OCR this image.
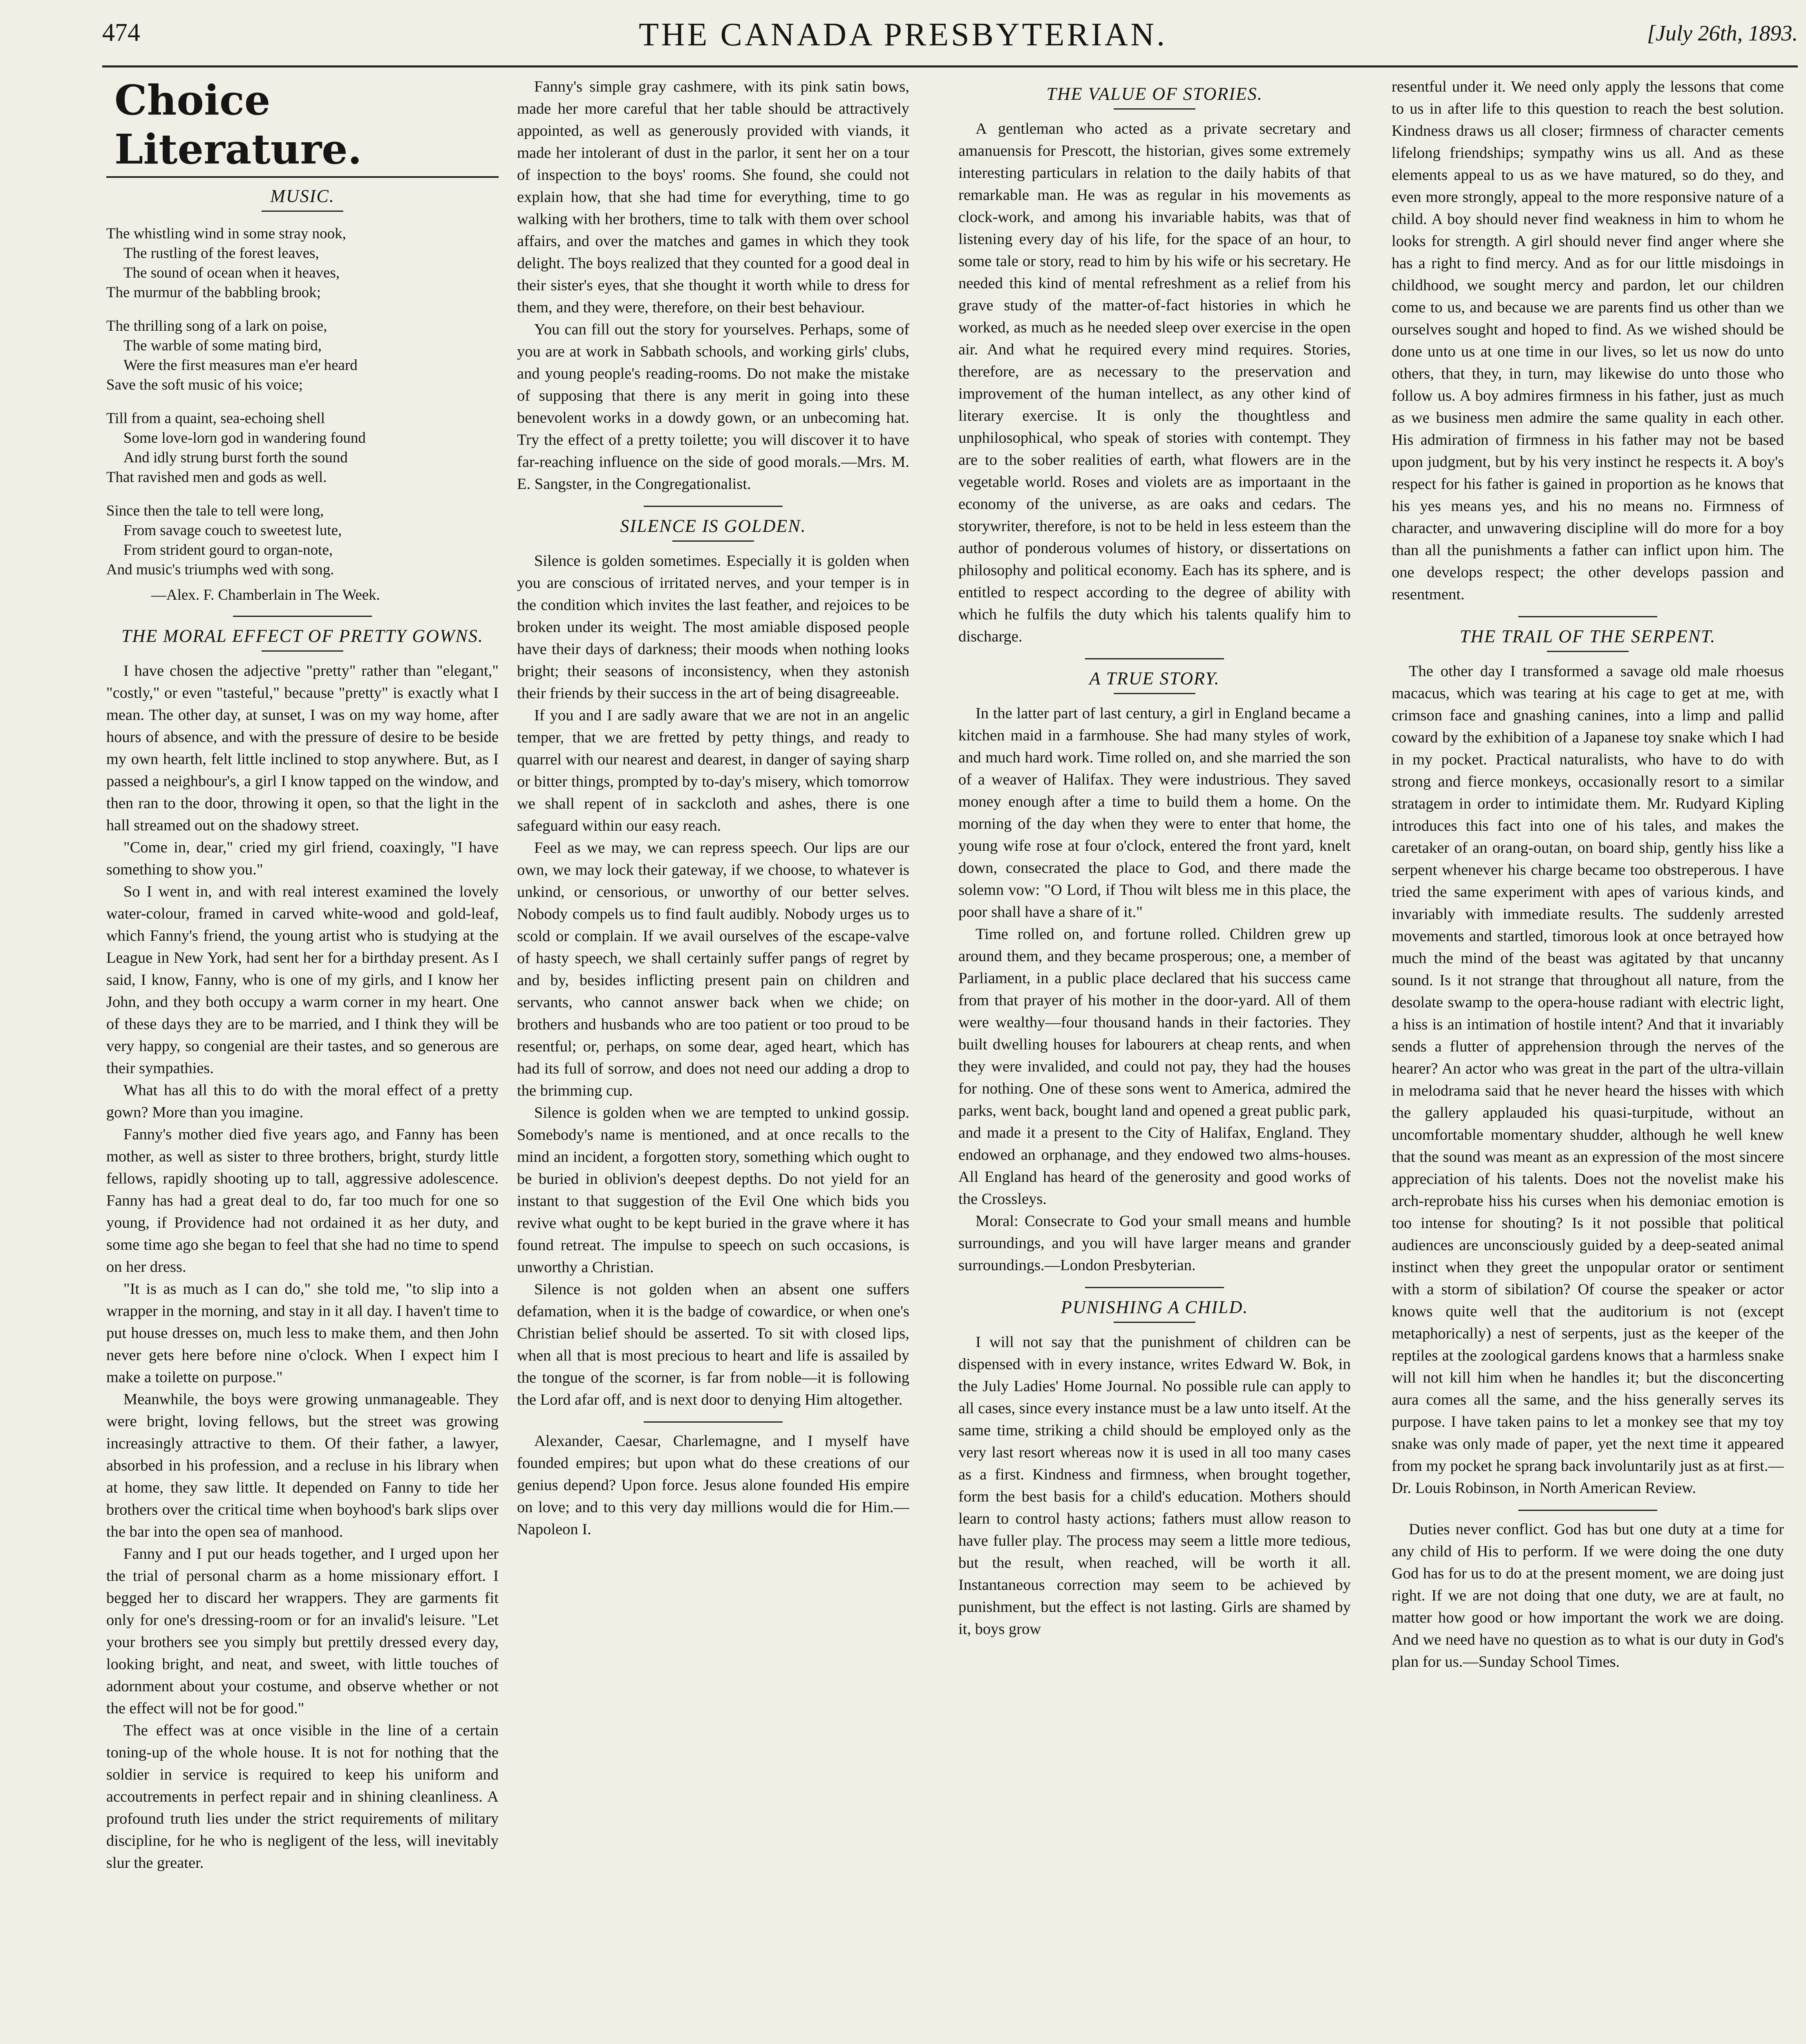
474	THE CANADA PRESBYTERIAN.	[July 26th, 1893.
Choice Literature.
MUSIC.
The whistling wind in some stray nook,
The rustling of the forest leaves,
The sound of ocean when it heaves,
The murmur of the babbling brook;
The thrilling song of a lark on poise,
The warble of some mating bird,
Were the first measures man e'er heard
Save the soft music of his voice;
Till from a quaint, sea-echoing shell
Some love-lorn god in wandering found
And idly strung burst forth the sound
That ravished men and gods as well.
Since then the tale to tell were long,
From savage couch to sweetest lute,
From strident gourd to organ-note,
And music's triumphs wed with song.
—Alex. F. Chamberlain in The Week.
THE MORAL EFFECT OF PRETTY GOWNS.

I have chosen the adjective "pretty" rather than "elegant," "costly," or even "tasteful," because "pretty" is exactly what I mean. The other day, at sunset, I was on my way home, after hours of absence, and with the pressure of desire to be beside my own hearth, felt little inclined to stop anywhere. But, as I passed a neighbour's, a girl I know tapped on the window, and then ran to the door, throwing it open, so that the light in the hall streamed out on the shadowy street.

"Come in, dear," cried my girl friend, coaxingly, "I have something to show you."

So I went in, and with real interest examined the lovely water-colour, framed in carved white-wood and gold-leaf, which Fanny's friend, the young artist who is studying at the League in New York, had sent her for a birthday present. As I said, I know, Fanny, who is one of my girls, and I know her John, and they both occupy a warm corner in my heart. One of these days they are to be married, and I think they will be very happy, so congenial are their tastes, and so generous are their sympathies.

What has all this to do with the moral effect of a pretty gown? More than you imagine.

Fanny's mother died five years ago, and Fanny has been mother, as well as sister to three brothers, bright, sturdy little fellows, rapidly shooting up to tall, aggressive adolescence. Fanny has had a great deal to do, far too much for one so young, if Providence had not ordained it as her duty, and some time ago she began to feel that she had no time to spend on her dress.

"It is as much as I can do," she told me, "to slip into a wrapper in the morning, and stay in it all day. I haven't time to put house dresses on, much less to make them, and then John never gets here before nine o'clock. When I expect him I make a toilette on purpose."

Meanwhile, the boys were growing unmanageable. They were bright, loving fellows, but the street was growing increasingly attractive to them. Of their father, a lawyer, absorbed in his profession, and a recluse in his library when at home, they saw little. It depended on Fanny to tide her brothers over the critical time when boyhood's bark slips over the bar into the open sea of manhood.

Fanny and I put our heads together, and I urged upon her the trial of personal charm as a home missionary effort. I begged her to discard her wrappers. They are garments fit only for one's dressing-room or for an invalid's leisure. "Let your brothers see you simply but prettily dressed every day, looking bright, and neat, and sweet, with little touches of adornment about your costume, and observe whether or not the effect will not be for good."

The effect was at once visible in the line of a certain toning-up of the whole house. It is not for nothing that the soldier in service is required to keep his uniform and accoutrements in perfect repair and in shining cleanliness. A profound truth lies under the strict requirements of military discipline, for he who is negligent of the less, will inevitably slur the greater.

Fanny's simple gray cashmere, with its pink satin bows, made her more careful that her table should be attractively appointed, as well as generously provided with viands, it made her intolerant of dust in the parlor, it sent her on a tour of inspection to the boys' rooms. She found, she could not explain how, that she had time for everything, time to go walking with her brothers, time to talk with them over school affairs, and over the matches and games in which they took delight. The boys realized that they counted for a good deal in their sister's eyes, that she thought it worth while to dress for them, and they were, therefore, on their best behaviour.

You can fill out the story for yourselves. Perhaps, some of you are at work in Sabbath schools, and working girls' clubs, and young people's reading-rooms. Do not make the mistake of supposing that there is any merit in going into these benevolent works in a dowdy gown, or an unbecoming hat. Try the effect of a pretty toilette; you will discover it to have far-reaching influence on the side of good morals.—Mrs. M. E. Sangster, in the Congregationalist.

SILENCE IS GOLDEN.

Silence is golden sometimes. Especially it is golden when you are conscious of irritated nerves, and your temper is in the condition which invites the last feather, and rejoices to be broken under its weight. The most amiable disposed people have their days of darkness; their moods when nothing looks bright; their seasons of inconsistency, when they astonish their friends by their success in the art of being disagreeable.

If you and I are sadly aware that we are not in an angelic temper, that we are fretted by petty things, and ready to quarrel with our nearest and dearest, in danger of saying sharp or bitter things, prompted by to-day's misery, which tomorrow we shall repent of in sackcloth and ashes, there is one safeguard within our easy reach.

Feel as we may, we can repress speech. Our lips are our own, we may lock their gateway, if we choose, to whatever is unkind, or censorious, or unworthy of our better selves. Nobody compels us to find fault audibly. Nobody urges us to scold or complain. If we avail ourselves of the escape-valve of hasty speech, we shall certainly suffer pangs of regret by and by, besides inflicting present pain on children and servants, who cannot answer back when we chide; on brothers and husbands who are too patient or too proud to be resentful; or, perhaps, on some dear, aged heart, which has had its full of sorrow, and does not need our adding a drop to the brimming cup.

Silence is golden when we are tempted to unkind gossip. Somebody's name is mentioned, and at once recalls to the mind an incident, a forgotten story, something which ought to be buried in oblivion's deepest depths. Do not yield for an instant to that suggestion of the Evil One which bids you revive what ought to be kept buried in the grave where it has found retreat. The impulse to speech on such occasions, is unworthy a Christian.

Silence is not golden when an absent one suffers defamation, when it is the badge of cowardice, or when one's Christian belief should be asserted. To sit with closed lips, when all that is most precious to heart and life is assailed by the tongue of the scorner, is far from noble—it is following the Lord afar off, and is next door to denying Him altogether.

Alexander, Caesar, Charlemagne, and I myself have founded empires; but upon what do these creations of our genius depend? Upon force. Jesus alone founded His empire on love; and to this very day millions would die for Him.—Napoleon I.

THE VALUE OF STORIES.

A gentleman who acted as a private secretary and amanuensis for Prescott, the historian, gives some extremely interesting particulars in relation to the daily habits of that remarkable man. He was as regular in his movements as clock-work, and among his invariable habits, was that of listening every day of his life, for the space of an hour, to some tale or story, read to him by his wife or his secretary. He needed this kind of mental refreshment as a relief from his grave study of the matter-of-fact histories in which he worked, as much as he needed sleep over exercise in the open air. And what he required every mind requires. Stories, therefore, are as necessary to the preservation and improvement of the human intellect, as any other kind of literary exercise. It is only the thoughtless and unphilosophical, who speak of stories with contempt. They are to the sober realities of earth, what flowers are in the vegetable world. Roses and violets are as importaant in the economy of the universe, as are oaks and cedars. The storywriter, therefore, is not to be held in less esteem than the author of ponderous volumes of history, or dissertations on philosophy and political economy. Each has its sphere, and is entitled to respect according to the degree of ability with which he fulfils the duty which his talents qualify him to discharge.

A TRUE STORY.

In the latter part of last century, a girl in England became a kitchen maid in a farmhouse. She had many styles of work, and much hard work. Time rolled on, and she married the son of a weaver of Halifax. They were industrious. They saved money enough after a time to build them a home. On the morning of the day when they were to enter that home, the young wife rose at four o'clock, entered the front yard, knelt down, consecrated the place to God, and there made the solemn vow: "O Lord, if Thou wilt bless me in this place, the poor shall have a share of it."

Time rolled on, and fortune rolled. Children grew up around them, and they became prosperous; one, a member of Parliament, in a public place declared that his success came from that prayer of his mother in the door-yard. All of them were wealthy—four thousand hands in their factories. They built dwelling houses for labourers at cheap rents, and when they were invalided, and could not pay, they had the houses for nothing. One of these sons went to America, admired the parks, went back, bought land and opened a great public park, and made it a present to the City of Halifax, England. They endowed an orphanage, and they endowed two alms-houses. All England has heard of the generosity and good works of the Crossleys.

Moral: Consecrate to God your small means and humble surroundings, and you will have larger means and grander surroundings.—London Presbyterian.

PUNISHING A CHILD.

I will not say that the punishment of children can be dispensed with in every instance, writes Edward W. Bok, in the July Ladies' Home Journal. No possible rule can apply to all cases, since every instance must be a law unto itself. At the same time, striking a child should be employed only as the very last resort whereas now it is used in all too many cases as a first. Kindness and firmness, when brought together, form the best basis for a child's education. Mothers should learn to control hasty actions; fathers must allow reason to have fuller play. The process may seem a little more tedious, but the result, when reached, will be worth it all. Instantaneous correction may seem to be achieved by punishment, but the effect is not lasting. Girls are shamed by it, boys grow

resentful under it. We need only apply the lessons that come to us in after life to this question to reach the best solution. Kindness draws us all closer; firmness of character cements lifelong friendships; sympathy wins us all. And as these elements appeal to us as we have matured, so do they, and even more strongly, appeal to the more responsive nature of a child. A boy should never find weakness in him to whom he looks for strength. A girl should never find anger where she has a right to find mercy. And as for our little misdoings in childhood, we sought mercy and pardon, let our children come to us, and because we are parents find us other than we ourselves sought and hoped to find. As we wished should be done unto us at one time in our lives, so let us now do unto others, that they, in turn, may likewise do unto those who follow us. A boy admires firmness in his father, just as much as we business men admire the same quality in each other. His admiration of firmness in his father may not be based upon judgment, but by his very instinct he respects it. A boy's respect for his father is gained in proportion as he knows that his yes means yes, and his no means no. Firmness of character, and unwavering discipline will do more for a boy than all the punishments a father can inflict upon him. The one develops respect; the other develops passion and resentment.

THE TRAIL OF THE SERPENT.

The other day I transformed a savage old male rhoesus macacus, which was tearing at his cage to get at me, with crimson face and gnashing canines, into a limp and pallid coward by the exhibition of a Japanese toy snake which I had in my pocket. Practical naturalists, who have to do with strong and fierce monkeys, occasionally resort to a similar stratagem in order to intimidate them. Mr. Rudyard Kipling introduces this fact into one of his tales, and makes the caretaker of an orang-outan, on board ship, gently hiss like a serpent whenever his charge became too obstreperous. I have tried the same experiment with apes of various kinds, and invariably with immediate results. The suddenly arrested movements and startled, timorous look at once betrayed how much the mind of the beast was agitated by that uncanny sound. Is it not strange that throughout all nature, from the desolate swamp to the opera-house radiant with electric light, a hiss is an intimation of hostile intent? And that it invariably sends a flutter of apprehension through the nerves of the hearer? An actor who was great in the part of the ultra-villain in melodrama said that he never heard the hisses with which the gallery applauded his quasi-turpitude, without an uncomfortable momentary shudder, although he well knew that the sound was meant as an expression of the most sincere appreciation of his talents. Does not the novelist make his arch-reprobate hiss his curses when his demoniac emotion is too intense for shouting? Is it not possible that political audiences are unconsciously guided by a deep-seated animal instinct when they greet the unpopular orator or sentiment with a storm of sibilation? Of course the speaker or actor knows quite well that the auditorium is not (except metaphorically) a nest of serpents, just as the keeper of the reptiles at the zoological gardens knows that a harmless snake will not kill him when he handles it; but the disconcerting aura comes all the same, and the hiss generally serves its purpose. I have taken pains to let a monkey see that my toy snake was only made of paper, yet the next time it appeared from my pocket he sprang back involuntarily just as at first.—Dr. Louis Robinson, in North American Review.

Duties never conflict. God has but one duty at a time for any child of His to perform. If we were doing the one duty God has for us to do at the present moment, we are doing just right. If we are not doing that one duty, we are at fault, no matter how good or how important the work we are doing. And we need have no question as to what is our duty in God's plan for us.—Sunday School Times.
